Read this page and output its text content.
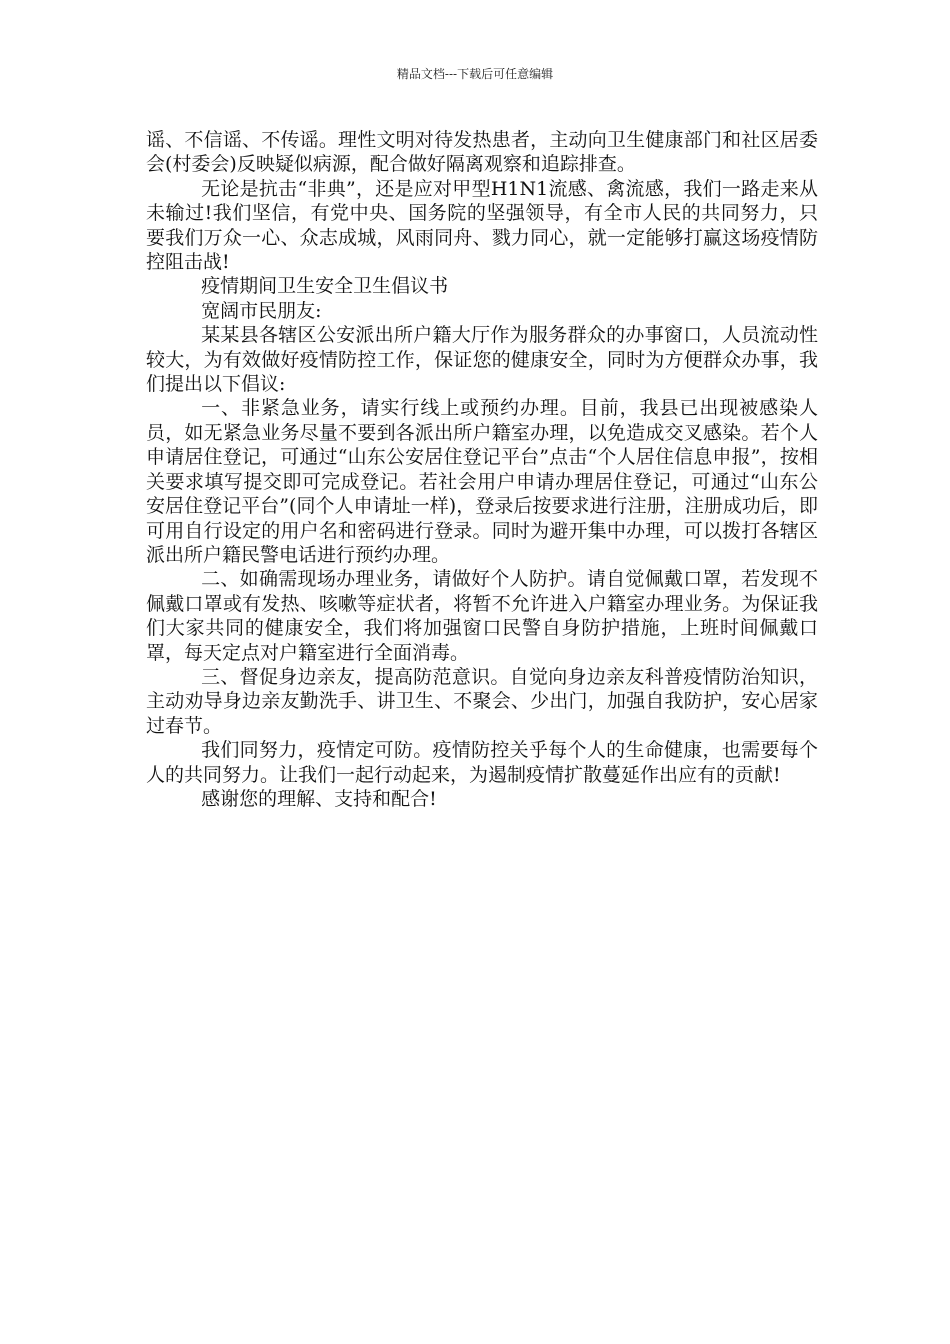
精品文档---下载后可任意编辑

谣、不信谣、不传谣。理性文明对待发热患者，主动向卫生健康部门和社区居委会(村委会)反映疑似病源，配合做好隔离观察和追踪排查。

无论是抗击“非典”，还是应对甲型H1N1流感、禽流感，我们一路走来从未输过!我们坚信，有党中央、国务院的坚强领导，有全市人民的共同努力，只要我们万众一心、众志成城，风雨同舟、戮力同心，就一定能够打赢这场疫情防控阻击战!

疫情期间卫生安全卫生倡议书

宽阔市民朋友:

某某县各辖区公安派出所户籍大厅作为服务群众的办事窗口，人员流动性较大，为有效做好疫情防控工作，保证您的健康安全，同时为方便群众办事，我们提出以下倡议:

一、非紧急业务，请实行线上或预约办理。目前，我县已出现被感染人员，如无紧急业务尽量不要到各派出所户籍室办理，以免造成交叉感染。若个人申请居住登记，可通过“山东公安居住登记平台”点击“个人居住信息申报”，按相关要求填写提交即可完成登记。若社会用户申请办理居住登记，可通过“山东公安居住登记平台”(同个人申请址一样)，登录后按要求进行注册，注册成功后，即可用自行设定的用户名和密码进行登录。同时为避开集中办理，可以拨打各辖区派出所户籍民警电话进行预约办理。

二、如确需现场办理业务，请做好个人防护。请自觉佩戴口罩，若发现不佩戴口罩或有发热、咳嗽等症状者，将暂不允许进入户籍室办理业务。为保证我们大家共同的健康安全，我们将加强窗口民警自身防护措施，上班时间佩戴口罩，每天定点对户籍室进行全面消毒。

三、督促身边亲友，提高防范意识。自觉向身边亲友科普疫情防治知识，主动劝导身边亲友勤洗手、讲卫生、不聚会、少出门，加强自我防护，安心居家过春节。

我们同努力，疫情定可防。疫情防控关乎每个人的生命健康，也需要每个人的共同努力。让我们一起行动起来，为遏制疫情扩散蔓延作出应有的贡献!

感谢您的理解、支持和配合!
